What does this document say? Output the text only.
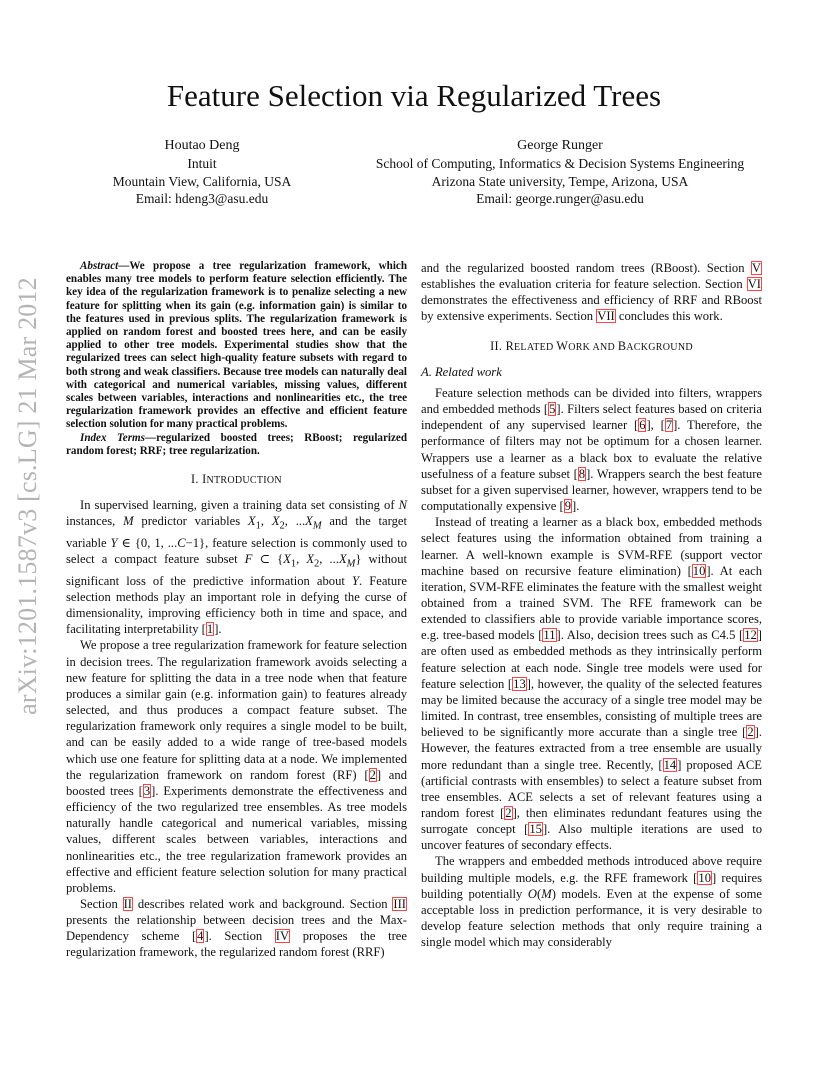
Feature Selection via Regularized Trees
Houtao Deng
Intuit
Mountain View, California, USA
Email: hdeng3@asu.edu
George Runger
School of Computing, Informatics & Decision Systems Engineering
Arizona State university, Tempe, Arizona, USA
Email: george.runger@asu.edu
arXiv:1201.1587v3 [cs.LG] 21 Mar 2012

Abstract—We propose a tree regularization framework, which enables many tree models to perform feature selection efficiently. The key idea of the regularization framework is to penalize selecting a new feature for splitting when its gain (e.g. information gain) is similar to the features used in previous splits. The regularization framework is applied on random forest and boosted trees here, and can be easily applied to other tree models. Experimental studies show that the regularized trees can select high-quality feature subsets with regard to both strong and weak classifiers. Because tree models can naturally deal with categorical and numerical variables, missing values, different scales between variables, interactions and nonlinearities etc., the tree regularization framework provides an effective and efficient feature selection solution for many practical problems.

Index Terms—regularized boosted trees; RBoost; regularized random forest; RRF; tree regularization.

I. INTRODUCTION

In supervised learning, given a training data set consisting of N instances, M predictor variables $X_1$, $X_2$, $...X_M$ and the target variable Y ∈ {0, 1, ...C−1}, feature selection is commonly used to select a compact feature subset F ⊂ {$X_1$, $X_2$, $...X_M$} without significant loss of the predictive information about Y. Feature selection methods play an important role in defying the curse of dimensionality, improving efficiency both in time and space, and facilitating interpretability [1].

We propose a tree regularization framework for feature selection in decision trees. The regularization framework avoids selecting a new feature for splitting the data in a tree node when that feature produces a similar gain (e.g. information gain) to features already selected, and thus produces a compact feature subset. The regularization framework only requires a single model to be built, and can be easily added to a wide range of tree-based models which use one feature for splitting data at a node. We implemented the regularization framework on random forest (RF) [2] and boosted trees [3]. Experiments demonstrate the effectiveness and efficiency of the two regularized tree ensembles. As tree models naturally handle categorical and numerical variables, missing values, different scales between variables, interactions and nonlinearities etc., the tree regularization framework provides an effective and efficient feature selection solution for many practical problems.

Section II describes related work and background. Section III presents the relationship between decision trees and the Max-Dependency scheme [4]. Section IV proposes the tree regularization framework, the regularized random forest (RRF)

and the regularized boosted random trees (RBoost). Section V establishes the evaluation criteria for feature selection. Section VI demonstrates the effectiveness and efficiency of RRF and RBoost by extensive experiments. Section VII concludes this work.

II. RELATED WORK AND BACKGROUND
A. Related work

Feature selection methods can be divided into filters, wrappers and embedded methods [5]. Filters select features based on criteria independent of any supervised learner [6], [7]. Therefore, the performance of filters may not be optimum for a chosen learner. Wrappers use a learner as a black box to evaluate the relative usefulness of a feature subset [8]. Wrappers search the best feature subset for a given supervised learner, however, wrappers tend to be computationally expensive [9].

Instead of treating a learner as a black box, embedded methods select features using the information obtained from training a learner. A well-known example is SVM-RFE (support vector machine based on recursive feature elimination) [10]. At each iteration, SVM-RFE eliminates the feature with the smallest weight obtained from a trained SVM. The RFE framework can be extended to classifiers able to provide variable importance scores, e.g. tree-based models [11]. Also, decision trees such as C4.5 [12] are often used as embedded methods as they intrinsically perform feature selection at each node. Single tree models were used for feature selection [13], however, the quality of the selected features may be limited because the accuracy of a single tree model may be limited. In contrast, tree ensembles, consisting of multiple trees are believed to be significantly more accurate than a single tree [2]. However, the features extracted from a tree ensemble are usually more redundant than a single tree. Recently, [14] proposed ACE (artificial contrasts with ensembles) to select a feature subset from tree ensembles. ACE selects a set of relevant features using a random forest [2], then eliminates redundant features using the surrogate concept [15]. Also multiple iterations are used to uncover features of secondary effects.

The wrappers and embedded methods introduced above require building multiple models, e.g. the RFE framework [10] requires building potentially O(M) models. Even at the expense of some acceptable loss in prediction performance, it is very desirable to develop feature selection methods that only require training a single model which may considerably
